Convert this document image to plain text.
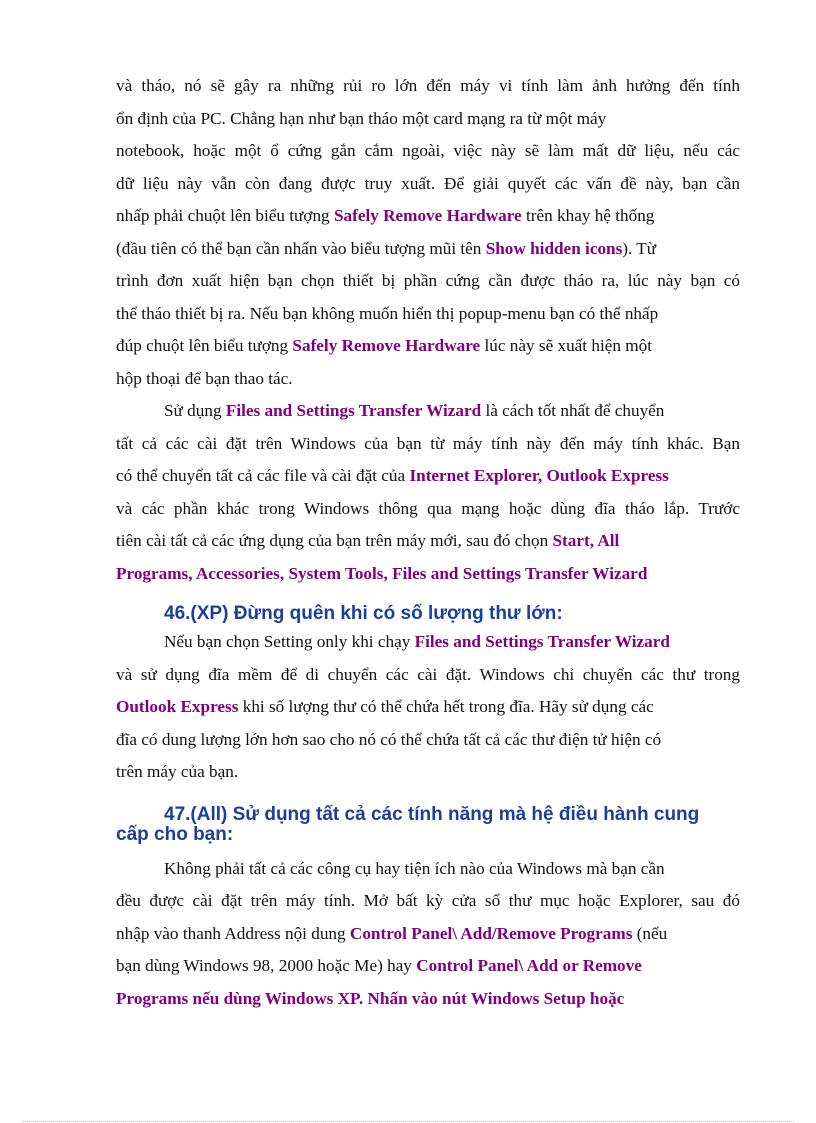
và tháo, nó sẽ gây ra những rủi ro lớn đến máy vi tính làm ảnh hưởng đến tính
ổn định của PC. Chẳng hạn như bạn tháo một card mạng ra từ một máy
notebook, hoặc một ổ cứng gắn cắm ngoài, việc này sẽ làm mất dữ liệu, nếu các
dữ liệu này vẫn còn đang được truy xuất. Để giải quyết các vấn đề này, bạn cần
nhấp phải chuột lên biểu tượng Safely Remove Hardware trên khay hệ thống
(đầu tiên có thể bạn cần nhấn vào biểu tượng mũi tên Show hidden icons). Từ
trình đơn xuất hiện bạn chọn thiết bị phần cứng cần được tháo ra, lúc này bạn có
thể tháo thiết bị ra. Nếu bạn không muốn hiển thị popup-menu bạn có thể nhấp
đúp chuột lên biểu tượng Safely Remove Hardware lúc này sẽ xuất hiện một
hộp thoại để bạn thao tác.
Sử dụng Files and Settings Transfer Wizard là cách tốt nhất để chuyển
tất cả các cài đặt trên Windows của bạn từ máy tính này đến máy tính khác. Bạn
có thể chuyển tất cả các file và cài đặt của Internet Explorer, Outlook Express
và các phần khác trong Windows thông qua mạng hoặc dùng đĩa tháo lắp. Trước
tiên cài tất cả các ứng dụng của bạn trên máy mới, sau đó chọn Start, All
Programs, Accessories, System Tools, Files and Settings Transfer Wizard
46.(XP) Đừng quên khi có số lượng thư lớn:
Nếu bạn chọn Setting only khi chạy Files and Settings Transfer Wizard
và sử dụng đĩa mềm để di chuyển các cài đặt. Windows chỉ chuyển các thư trong
Outlook Express khi số lượng thư có thể chứa hết trong đĩa. Hãy sử dụng các
đĩa có dung lượng lớn hơn sao cho nó có thể chứa tất cả các thư điện tử hiện có
trên máy của bạn.
47.(All) Sử dụng tất cả các tính năng mà hệ điều hành cung
cấp cho bạn:
Không phải tất cả các công cụ hay tiện ích nào của Windows mà bạn cần
đều được cài đặt trên máy tính. Mở bất kỳ cửa sổ thư mục hoặc Explorer, sau đó
nhập vào thanh Address nội dung Control Panel\ Add/Remove Programs (nếu
bạn dùng Windows 98, 2000 hoặc Me) hay Control Panel\ Add or Remove
Programs nếu dùng Windows XP. Nhấn vào nút Windows Setup hoặc
